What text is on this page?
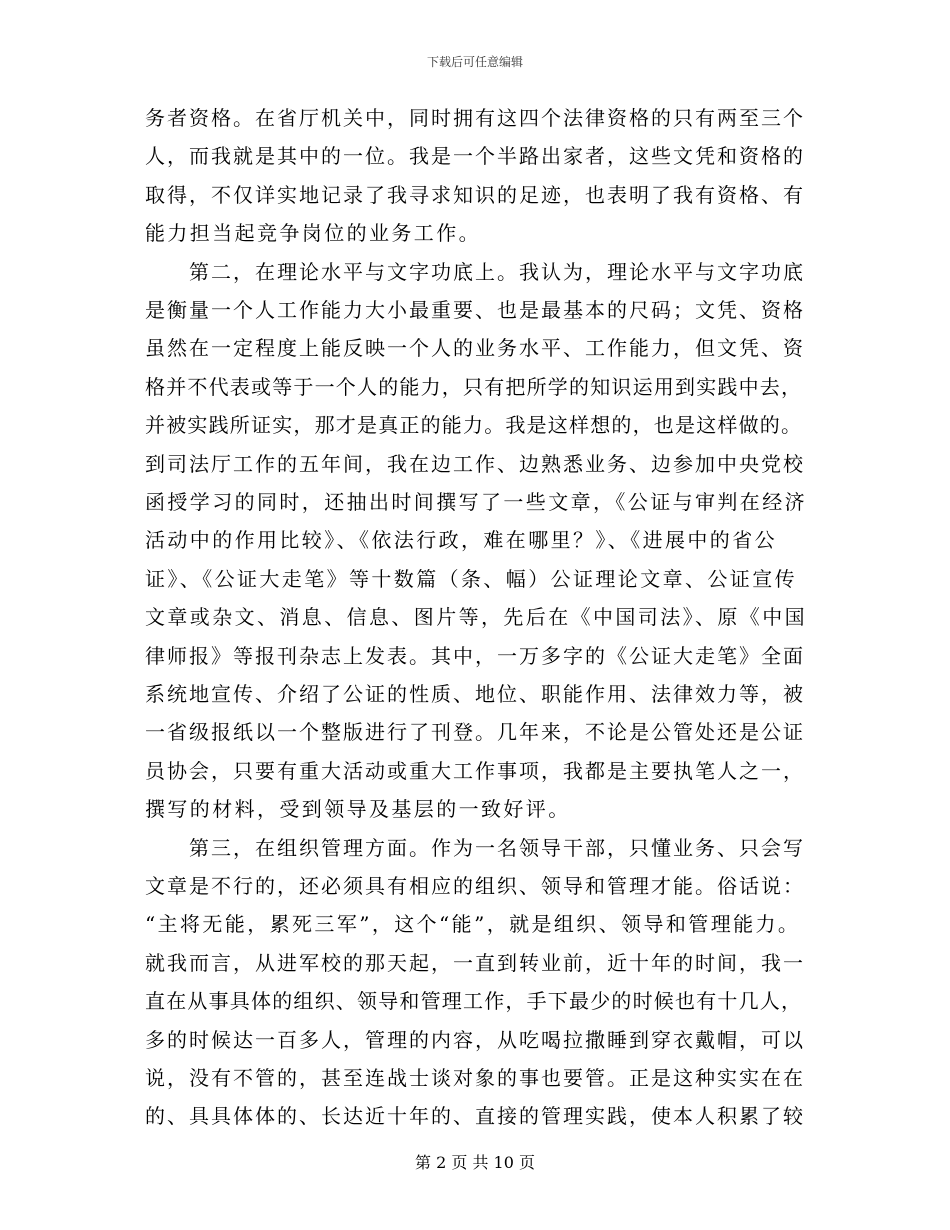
下载后可任意编辑
务者资格。在省厅机关中，同时拥有这四个法律资格的只有两至三个
人，而我就是其中的一位。我是一个半路出家者，这些文凭和资格的
取得，不仅详实地记录了我寻求知识的足迹，也表明了我有资格、有
能力担当起竞争岗位的业务工作。
　　第二，在理论水平与文字功底上。我认为，理论水平与文字功底
是衡量一个人工作能力大小最重要、也是最基本的尺码；文凭、资格
虽然在一定程度上能反映一个人的业务水平、工作能力，但文凭、资
格并不代表或等于一个人的能力，只有把所学的知识运用到实践中去，
并被实践所证实，那才是真正的能力。我是这样想的，也是这样做的。
到司法厅工作的五年间，我在边工作、边熟悉业务、边参加中央党校
函授学习的同时，还抽出时间撰写了一些文章，《公证与审判在经济
活动中的作用比较》、《依法行政，难在哪里？》、《进展中的省公
证》、《公证大走笔》等十数篇（条、幅）公证理论文章、公证宣传
文章或杂文、消息、信息、图片等，先后在《中国司法》、原《中国
律师报》等报刊杂志上发表。其中，一万多字的《公证大走笔》全面
系统地宣传、介绍了公证的性质、地位、职能作用、法律效力等，被
一省级报纸以一个整版进行了刊登。几年来，不论是公管处还是公证
员协会，只要有重大活动或重大工作事项，我都是主要执笔人之一，
撰写的材料，受到领导及基层的一致好评。
　　第三，在组织管理方面。作为一名领导干部，只懂业务、只会写
文章是不行的，还必须具有相应的组织、领导和管理才能。俗话说：
“主将无能，累死三军”，这个“能”，就是组织、领导和管理能力。
就我而言，从进军校的那天起，一直到转业前，近十年的时间，我一
直在从事具体的组织、领导和管理工作，手下最少的时候也有十几人，
多的时候达一百多人，管理的内容，从吃喝拉撒睡到穿衣戴帽，可以
说，没有不管的，甚至连战士谈对象的事也要管。正是这种实实在在
的、具具体体的、长达近十年的、直接的管理实践，使本人积累了较
第 2 页 共 10 页
